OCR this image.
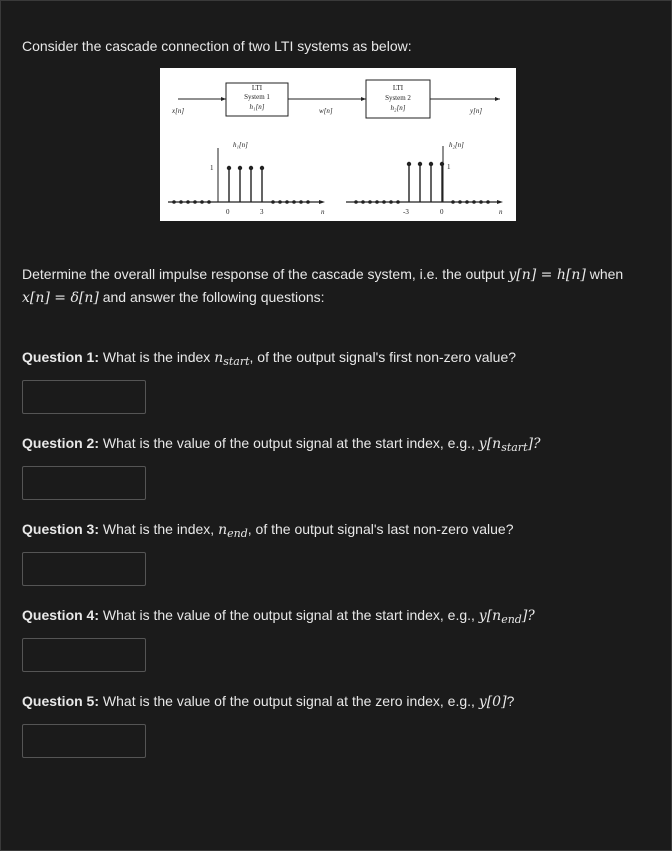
Consider the cascade connection of two LTI systems as below:
x[n]	w[n]	y[n]
LTI
System 1
h₁[n]
LTI
System 2
h₂[n]
h₁[n]
1
0	3	n
h₂[n]
1
-3	0	n
Determine the overall impulse response of the cascade system, i.e. the output y[n] = h[n] when
x[n] = δ[n] and answer the following questions:
Question 1: What is the index $n_{start}$, of the output signal's first non-zero value?
Question 2: What is the value of the output signal at the start index, e.g., $y[n_{start}]$?
Question 3: What is the index, $n_{end}$, of the output signal's last non-zero value?
Question 4: What is the value of the output signal at the start index, e.g., $y[n_{end}]$?
Question 5: What is the value of the output signal at the zero index, e.g., y[0]?
